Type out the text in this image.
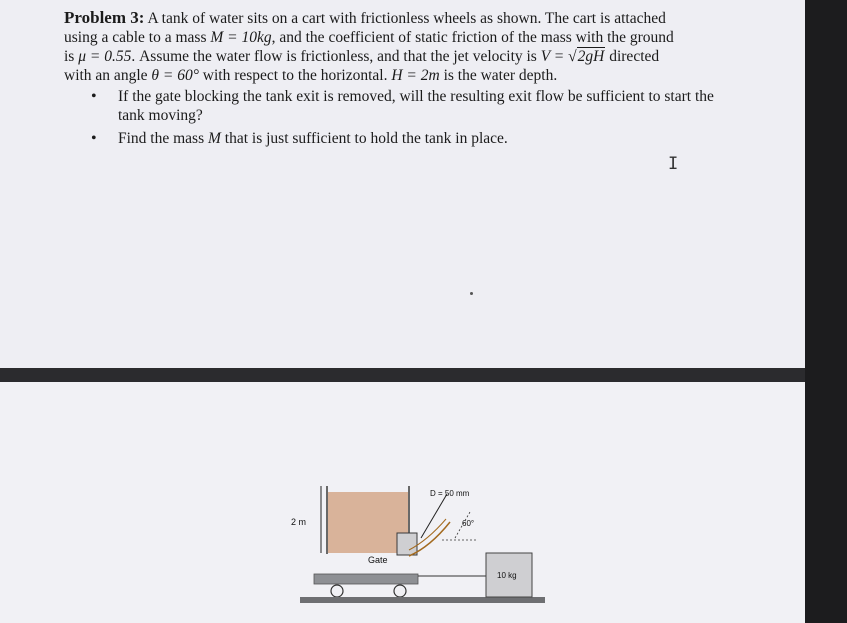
Problem 3: A tank of water sits on a cart with frictionless wheels as shown. The cart is attached
using a cable to a mass M = 10kg, and the coefficient of static friction of the mass with the ground
is μ = 0.55. Assume the water flow is frictionless, and that the jet velocity is V = √2gH directed
with an angle θ = 60° with respect to the horizontal. H = 2m is the water depth.

• If the gate blocking the tank exit is removed, will the resulting exit flow be sufficient to start the tank moving?
• Find the mass M that is just sufficient to hold the tank in place.
I
Gate
2 m	60°
D = 50 mm
10 kg
